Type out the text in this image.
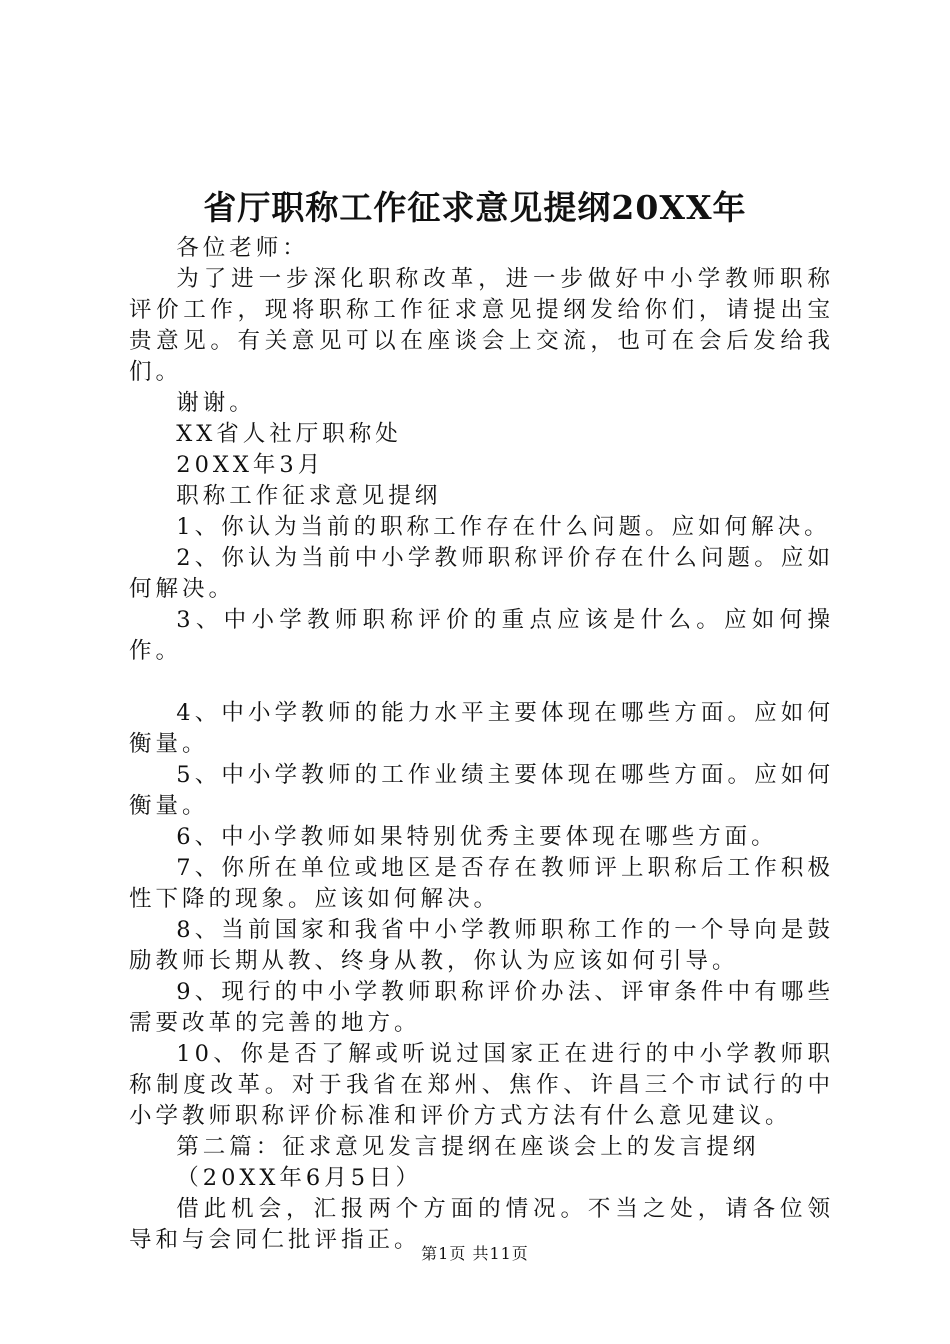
省厅职称工作征求意见提纲20XX年

各位老师：

为了进一步深化职称改革，进一步做好中小学教师职称评价工作，现将职称工作征求意见提纲发给你们，请提出宝贵意见。有关意见可以在座谈会上交流，也可在会后发给我们。

谢谢。

XX省人社厅职称处

20XX年3月

职称工作征求意见提纲

1、你认为当前的职称工作存在什么问题。应如何解决。

2、你认为当前中小学教师职称评价存在什么问题。应如何解决。

3、中小学教师职称评价的重点应该是什么。应如何操作。

4、中小学教师的能力水平主要体现在哪些方面。应如何衡量。

5、中小学教师的工作业绩主要体现在哪些方面。应如何衡量。

6、中小学教师如果特别优秀主要体现在哪些方面。

7、你所在单位或地区是否存在教师评上职称后工作积极性下降的现象。应该如何解决。

8、当前国家和我省中小学教师职称工作的一个导向是鼓励教师长期从教、终身从教，你认为应该如何引导。

9、现行的中小学教师职称评价办法、评审条件中有哪些需要改革的完善的地方。

10、你是否了解或听说过国家正在进行的中小学教师职称制度改革。对于我省在郑州、焦作、许昌三个市试行的中小学教师职称评价标准和评价方式方法有什么意见建议。

第二篇：征求意见发言提纲在座谈会上的发言提纲

（20XX年6月5日）

借此机会，汇报两个方面的情况。不当之处，请各位领导和与会同仁批评指正。

第1页 共11页
